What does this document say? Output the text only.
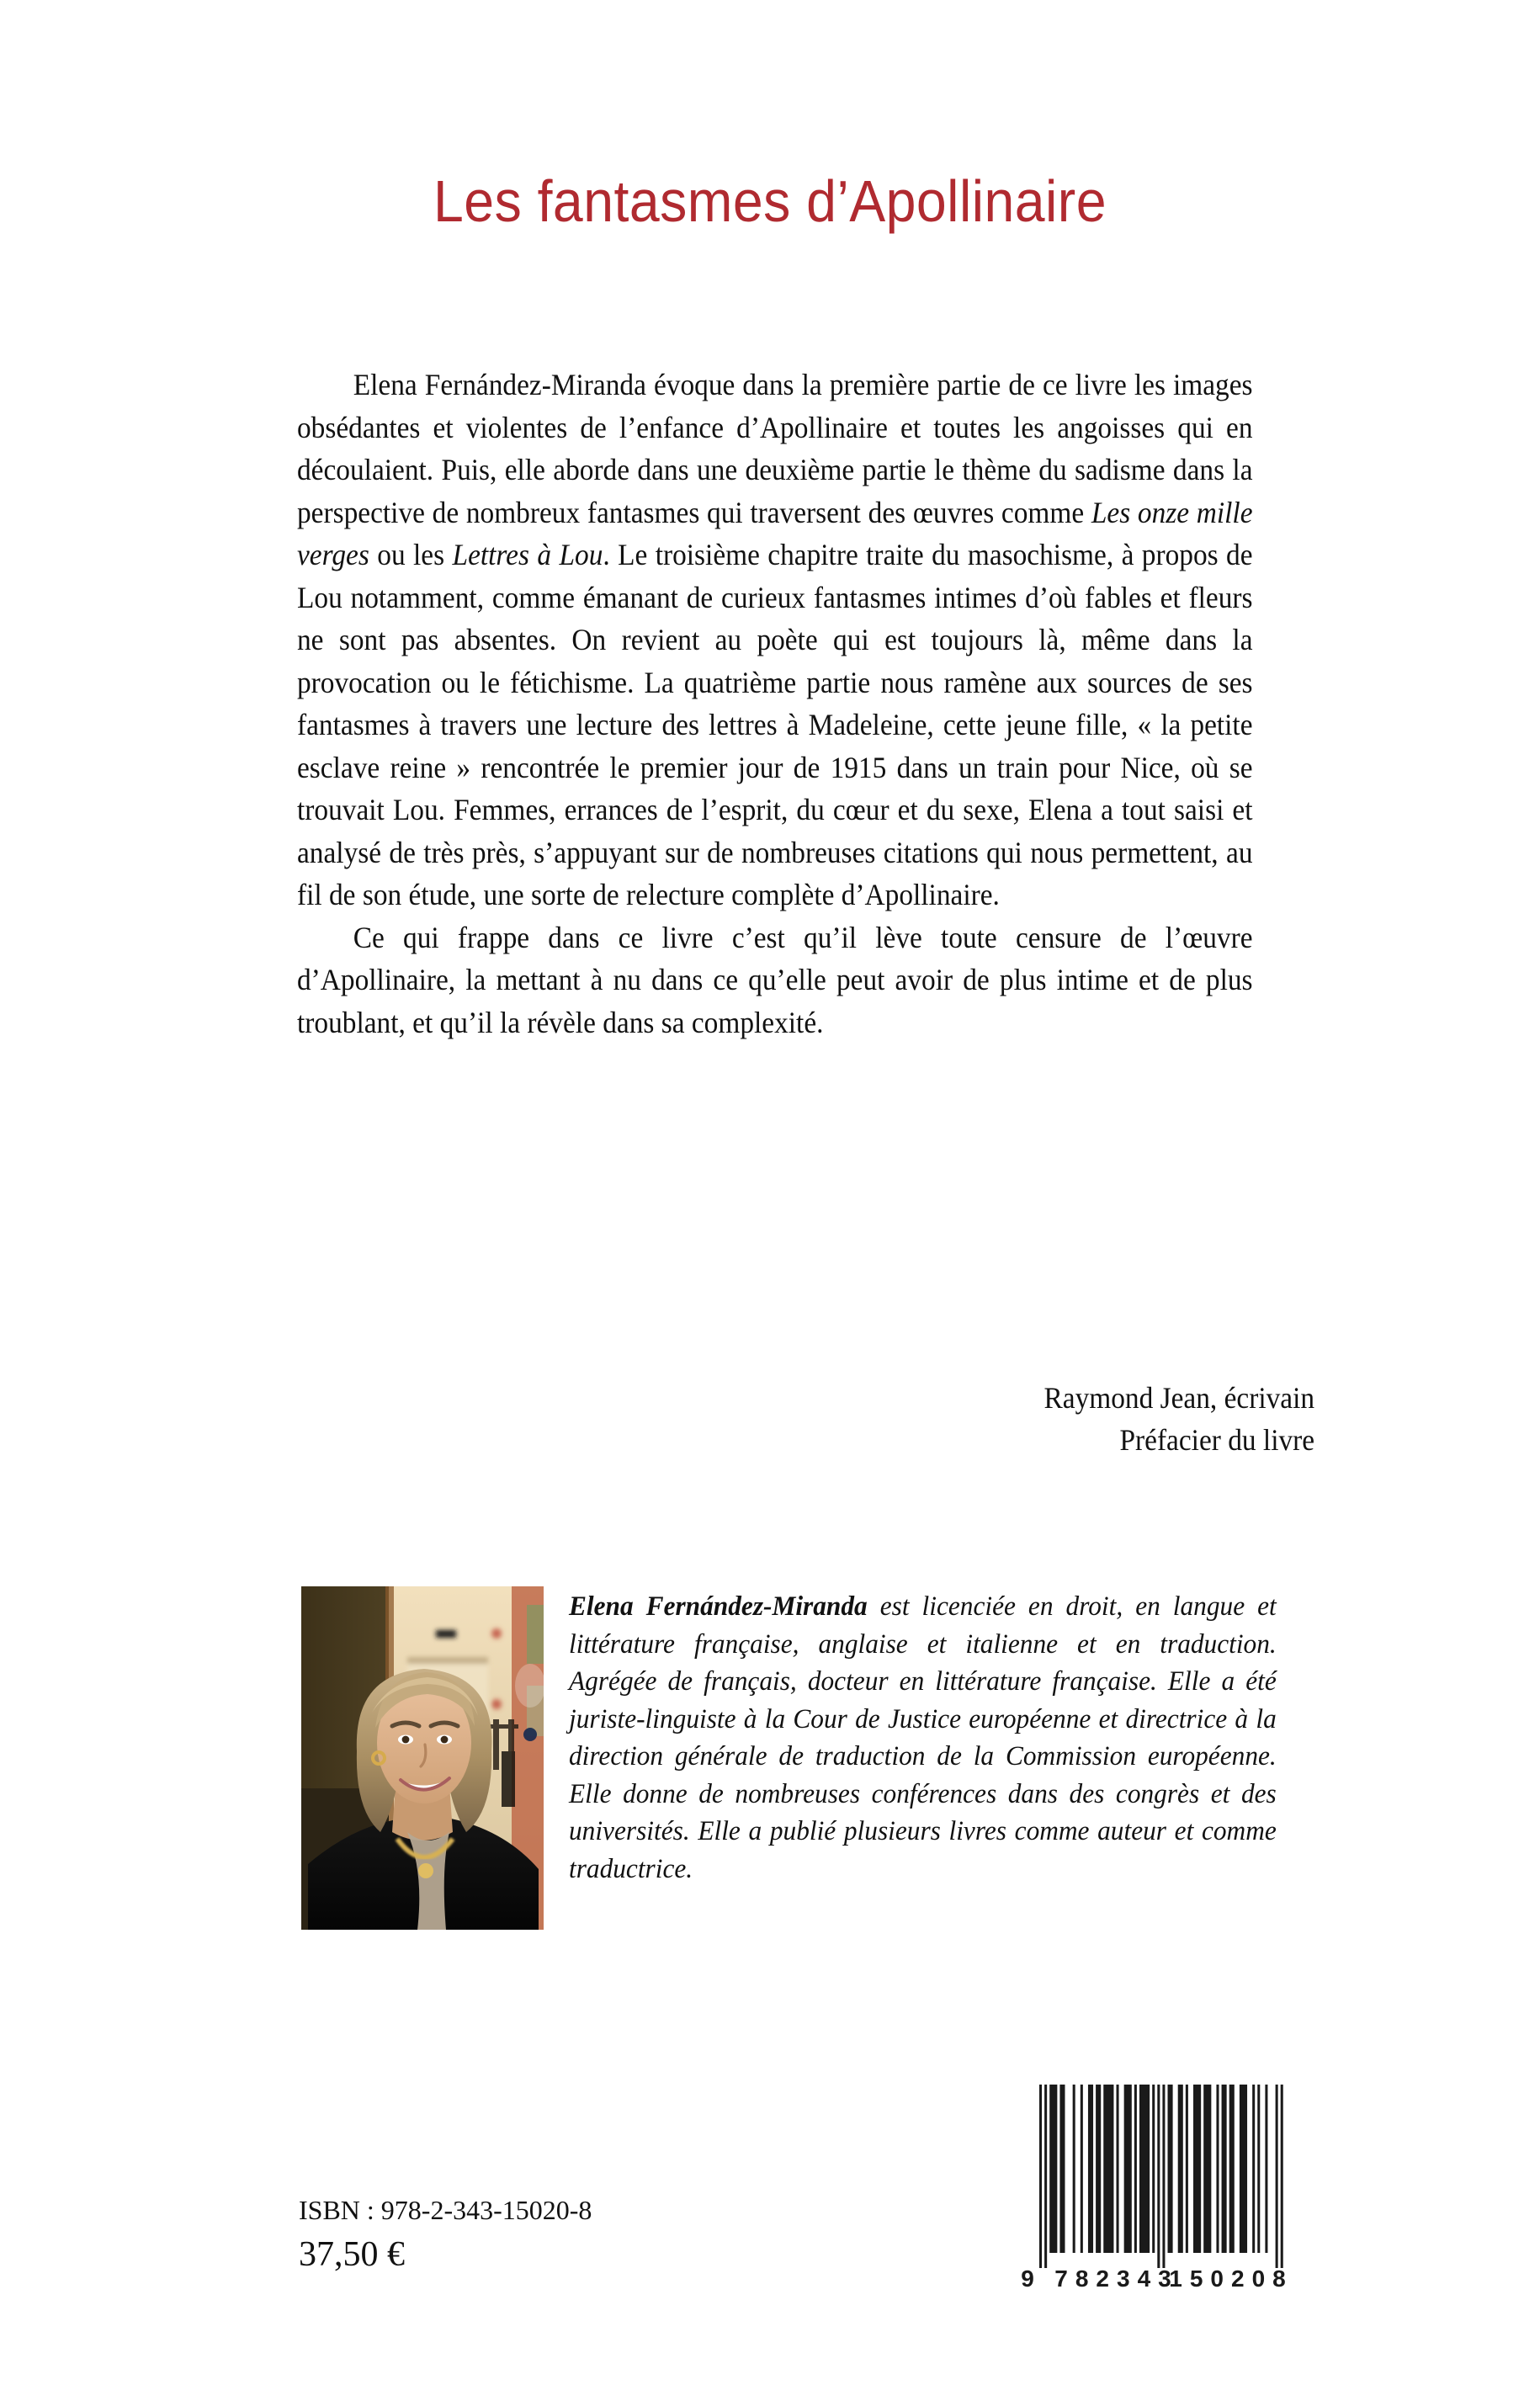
Les fantasmes d’Apollinaire

Elena Fernández-Miranda évoque dans la première partie de ce livre les images obsédantes et violentes de l’enfance d’Apollinaire et toutes les angoisses qui en découlaient. Puis, elle aborde dans une deuxième partie le thème du sadisme dans la perspective de nombreux fantasmes qui traversent des œuvres comme Les onze mille verges ou les Lettres à Lou. Le troisième chapitre traite du masochisme, à propos de Lou notamment, comme émanant de curieux fantasmes intimes d’où fables et fleurs ne sont pas absentes. On revient au poète qui est toujours là, même dans la provocation ou le fétichisme. La quatrième partie nous ramène aux sources de ses fantasmes à travers une lecture des lettres à Madeleine, cette jeune fille, « la petite esclave reine » rencontrée le premier jour de 1915 dans un train pour Nice, où se trouvait Lou. Femmes, errances de l’esprit, du cœur et du sexe, Elena a tout saisi et analysé de très près, s’appuyant sur de nombreuses citations qui nous permettent, au fil de son étude, une sorte de relecture complète d’Apollinaire.

Ce qui frappe dans ce livre c’est qu’il lève toute censure de l’œuvre d’Apollinaire, la mettant à nu dans ce qu’elle peut avoir de plus intime et de plus troublant, et qu’il la révèle dans sa complexité.

Raymond Jean, écrivain
Préfacier du livre
Elena Fernández-Miranda est licenciée en droit, en langue et littérature française, anglaise et italienne et en traduction. Agrégée de français, docteur en littérature française. Elle a été juriste-linguiste à la Cour de Justice européenne et directrice à la direction générale de traduction de la Commission européenne. Elle donne de nombreuses conférences dans des congrès et des universités. Elle a publié plusieurs livres comme auteur et comme traductrice.
ISBN : 978-2-343-15020-8
37,50 €
9 782343
150208
